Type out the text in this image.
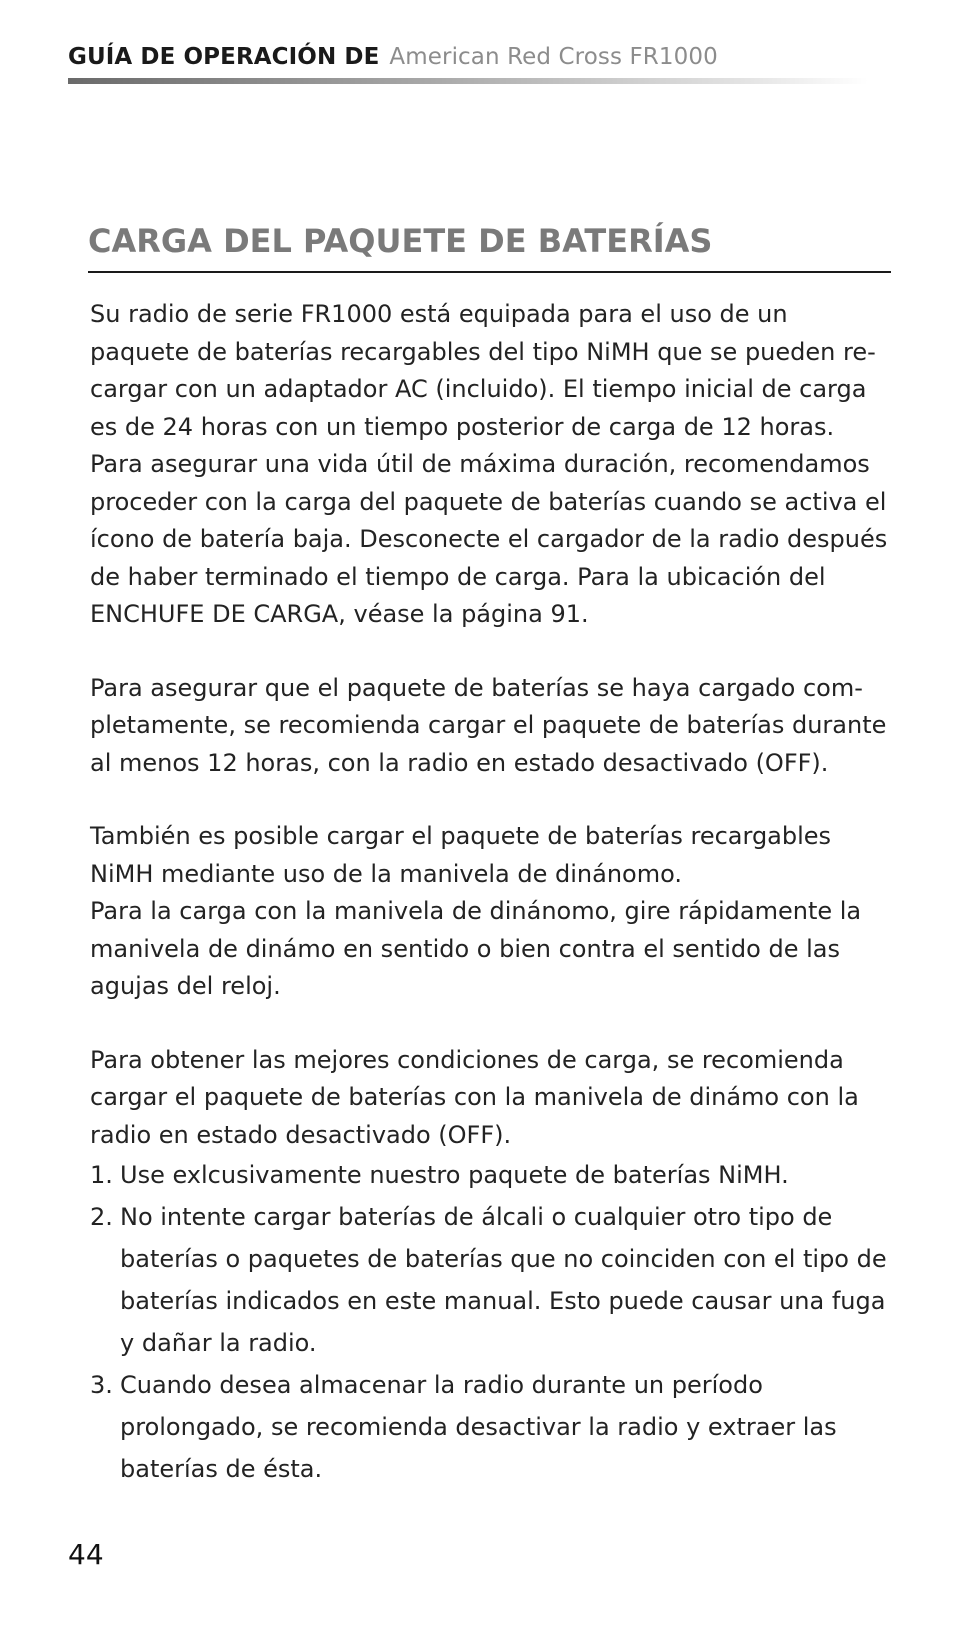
GUÍA DE OPERACIÓN DE American Red Cross FR1000
CARGA DEL PAQUETE DE BATERÍAS

Su radio de serie FR1000 está equipada para el uso de un paquete de baterías recargables del tipo NiMH que se pueden re-cargar con un adaptador AC (incluido). El tiempo inicial de carga es de 24 horas con un tiempo posterior de carga de 12 horas. Para asegurar una vida útil de máxima duración, recomendamos proceder con la carga del paquete de baterías cuando se activa el ícono de batería baja. Desconecte el cargador de la radio después de haber terminado el tiempo de carga. Para la ubicación del ENCHUFE DE CARGA, véase la página 91.

Para asegurar que el paquete de baterías se haya cargado com-pletamente, se recomienda cargar el paquete de baterías durante al menos 12 horas, con la radio en estado desactivado (OFF).

También es posible cargar el paquete de baterías recargables NiMH mediante uso de la manivela de dinánomo.

Para la carga con la manivela de dinánomo, gire rápidamente la manivela de dinámo en sentido o bien contra el sentido de las agujas del reloj.

Para obtener las mejores condiciones de carga, se recomienda cargar el paquete de baterías con la manivela de dinámo con la radio en estado desactivado (OFF).

1. Use exlcusivamente nuestro paquete de baterías NiMH.
2. No intente cargar baterías de álcali o cualquier otro tipo de baterías o paquetes de baterías que no coinciden con el tipo de baterías indicados en este manual. Esto puede causar una fuga y dañar la radio.
3. Cuando desea almacenar la radio durante un período prolongado, se recomienda desactivar la radio y extraer las baterías de ésta.
44
